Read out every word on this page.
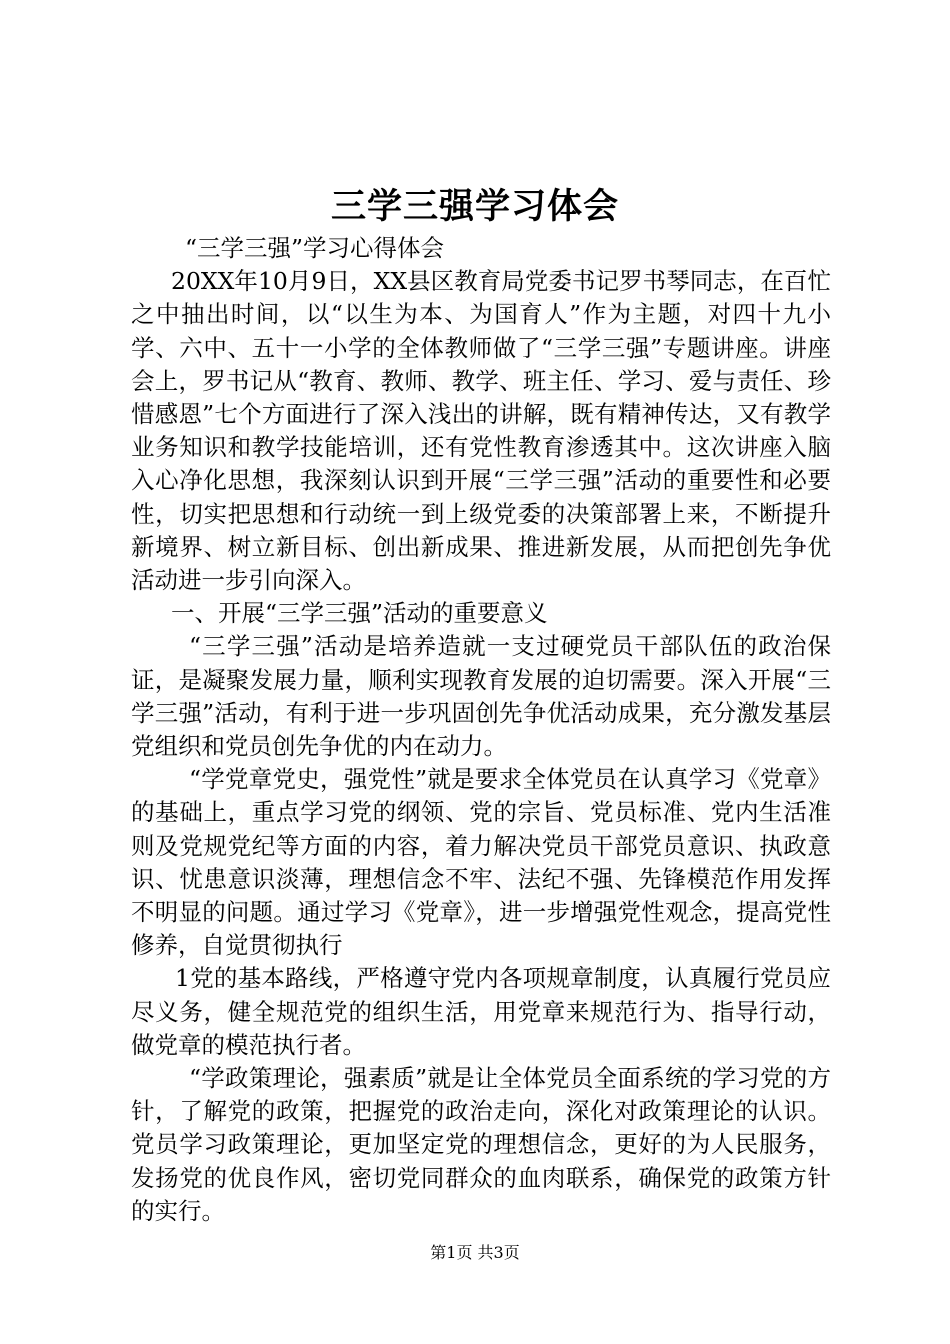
三学三强学习体会

“三学三强”学习心得体会

20XX年10月9日，XX县区教育局党委书记罗书琴同志，在百忙之中抽出时间，以“以生为本、为国育人”作为主题，对四十九小学、六中、五十一小学的全体教师做了“三学三强”专题讲座。讲座会上，罗书记从“教育、教师、教学、班主任、学习、爱与责任、珍惜感恩”七个方面进行了深入浅出的讲解，既有精神传达，又有教学业务知识和教学技能培训，还有党性教育渗透其中。这次讲座入脑入心净化思想，我深刻认识到开展“三学三强”活动的重要性和必要性，切实把思想和行动统一到上级党委的决策部署上来，不断提升新境界、树立新目标、创出新成果、推进新发展，从而把创先争优活动进一步引向深入。

一、开展“三学三强”活动的重要意义

“三学三强”活动是培养造就一支过硬党员干部队伍的政治保证，是凝聚发展力量，顺利实现教育发展的迫切需要。深入开展“三学三强”活动，有利于进一步巩固创先争优活动成果，充分激发基层党组织和党员创先争优的内在动力。

“学党章党史，强党性”就是要求全体党员在认真学习《党章》的基础上，重点学习党的纲领、党的宗旨、党员标准、党内生活准则及党规党纪等方面的内容，着力解决党员干部党员意识、执政意识、忧患意识淡薄，理想信念不牢、法纪不强、先锋模范作用发挥不明显的问题。通过学习《党章》，进一步增强党性观念，提高党性修养，自觉贯彻执行

1党的基本路线，严格遵守党内各项规章制度，认真履行党员应尽义务，健全规范党的组织生活，用党章来规范行为、指导行动，做党章的模范执行者。

“学政策理论，强素质”就是让全体党员全面系统的学习党的方针，了解党的政策，把握党的政治走向，深化对政策理论的认识。党员学习政策理论，更加坚定党的理想信念，更好的为人民服务，发扬党的优良作风，密切党同群众的血肉联系，确保党的政策方针的实行。

第1页 共3页
